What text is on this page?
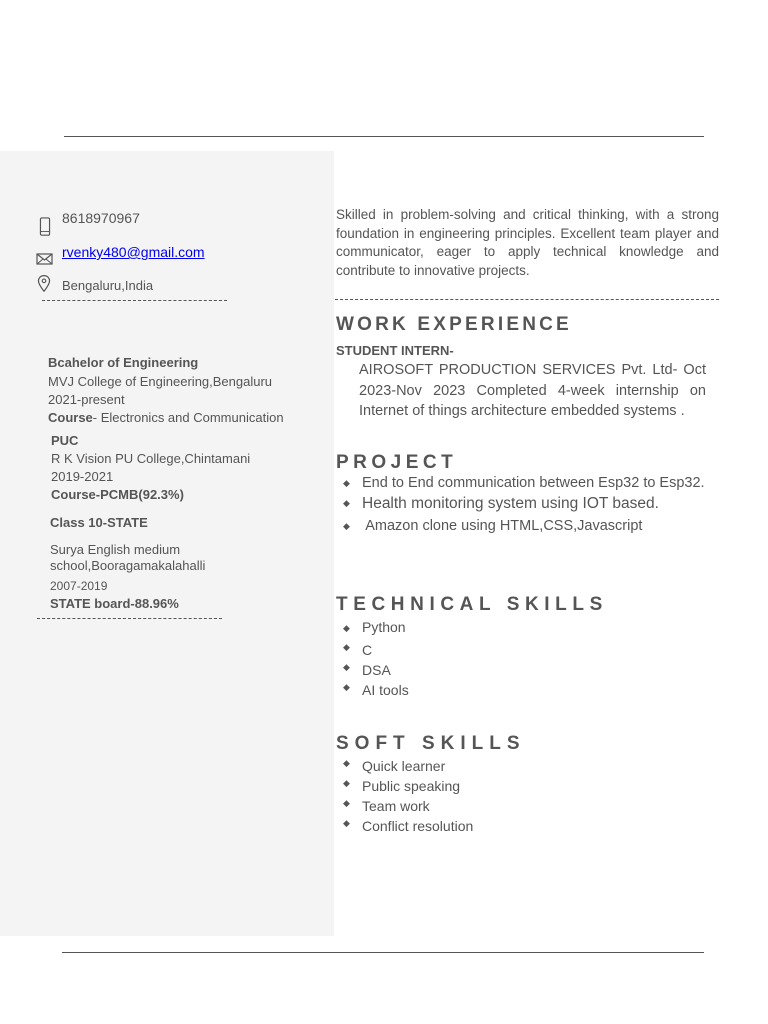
8618970967
rvenky480@gmail.com
Bengaluru,India
Bcahelor of Engineering
MVJ College of Engineering,Bengaluru
2021-present
Course- Electronics and Communication
PUC
R K Vision PU College,Chintamani
2019-2021
Course-PCMB(92.3%)
Class 10-STATE
Surya English medium
school,Booragamakalahalli
2007-2019
STATE board-88.96%
Skilled in problem-solving and critical thinking, with a strong foundation in engineering principles. Excellent team player and communicator, eager to apply technical knowledge and contribute to innovative projects.
WORK EXPERIENCE
STUDENT INTERN-
AIROSOFT PRODUCTION SERVICES Pvt. Ltd- Oct 2023-Nov 2023 Completed 4-week internship on Internet of things architecture embedded systems .
PROJECT
◆ End to End communication between Esp32 to Esp32.
◆ Health monitoring system using IOT based.
◆ Amazon clone using HTML,CSS,Javascript
TECHNICAL SKILLS
◆ Python
◆ C
◆ DSA
◆ AI tools
SOFT SKILLS
◆ Quick learner
◆ Public speaking
◆ Team work
◆ Conflict resolution
